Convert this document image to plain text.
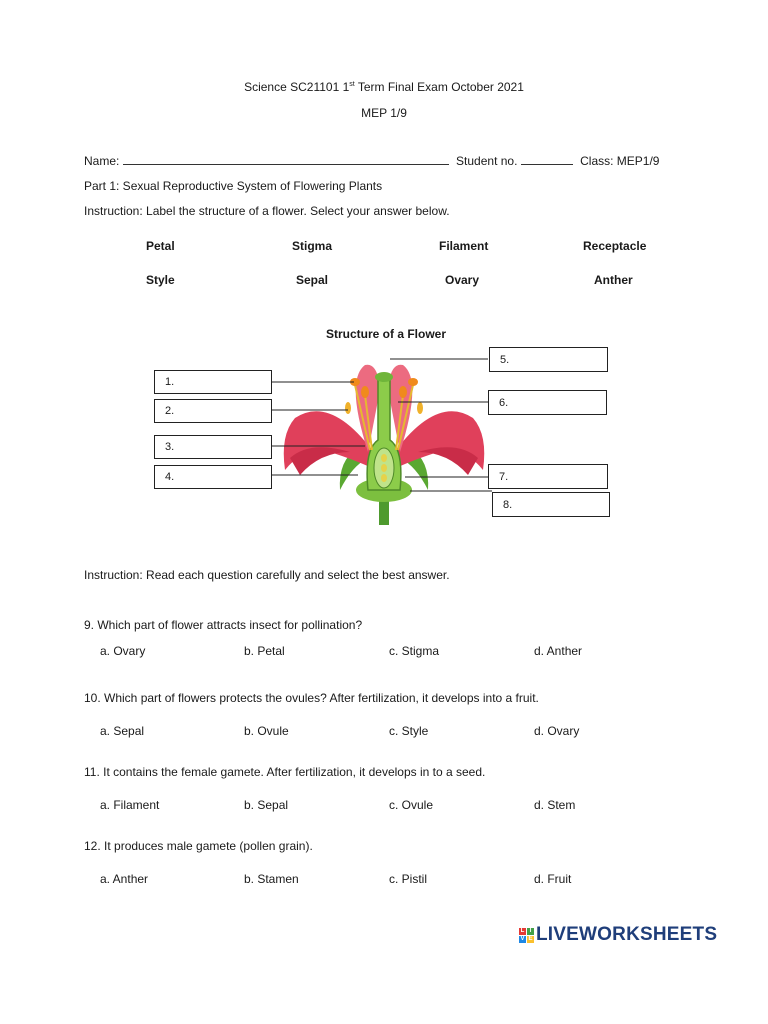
Science SC21101 1st Term Final Exam October 2021
MEP 1/9
Name:	Student no.	Class: MEP1/9
Part 1: Sexual Reproductive System of Flowering Plants
Instruction: Label the structure of a flower. Select your answer below.
Petal	Stigma	Filament	Receptacle
Style	Sepal	Ovary	Anther
Structure of a Flower
1.
2.
3.
4.
5.
6.
7.
8.
Instruction: Read each question carefully and select the best answer.
9. Which part of flower attracts insect for pollination?
a. Ovary	b. Petal	c. Stigma	d. Anther
10. Which part of flowers protects the ovules? After fertilization, it develops into a fruit.
a. Sepal	b. Ovule	c. Style	d. Ovary
11. It contains the female gamete. After fertilization, it develops in to a seed.
a. Filament	b. Sepal	c. Ovule	d. Stem
12. It produces male gamete (pollen grain).
a. Anther	b. Stamen	c. Pistil	d. Fruit
L I
V E LIVEWORKSHEETS
